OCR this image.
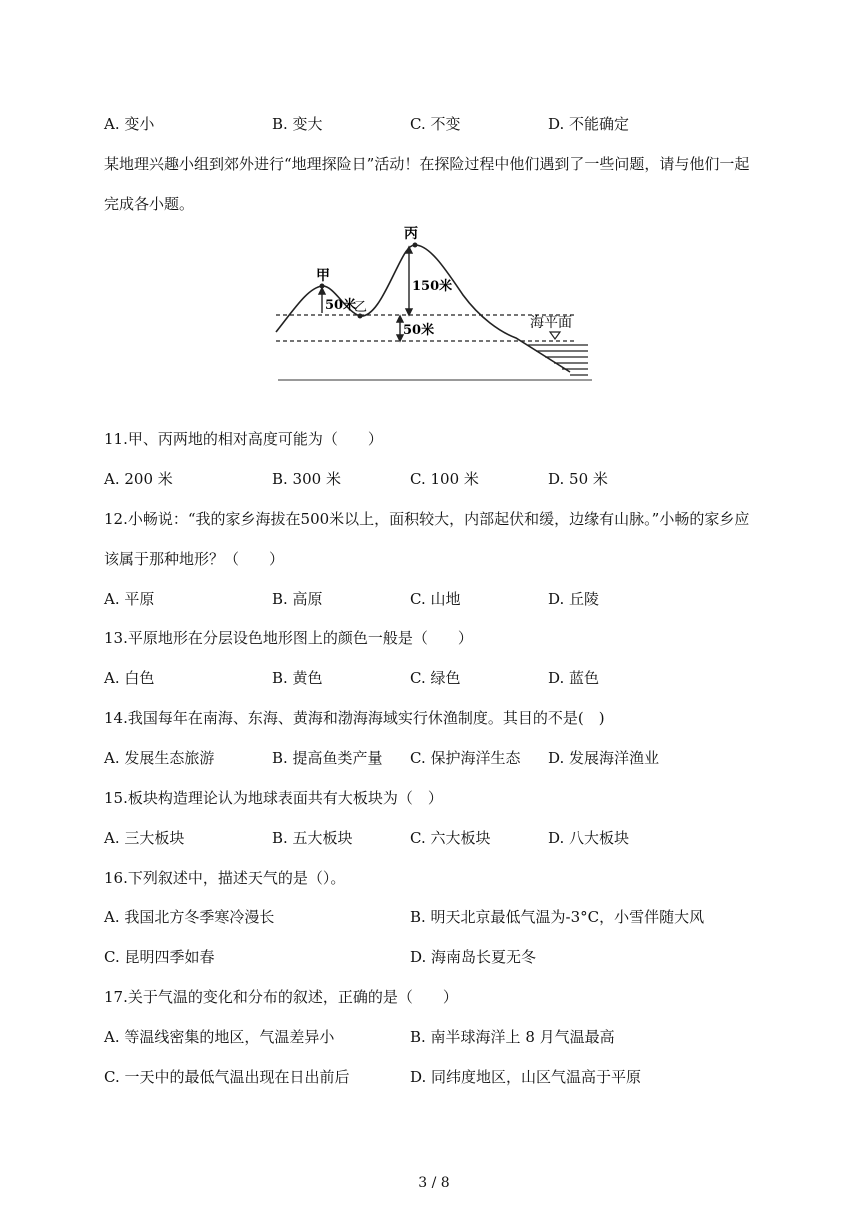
A. 变小	B. 变大	C. 不变	D. 不能确定
某地理兴趣小组到郊外进行“地理探险日”活动！在探险过程中他们遇到了一些问题，请与他们一起
完成各小题。
甲
丙
乙
50米
150米
50米	海平面
11.甲、丙两地的相对高度可能为（　　）
A. 200 米	B. 300 米	C. 100 米	D. 50 米
12.小畅说：“我的家乡海拔在500米以上，面积较大，内部起伏和缓，边缘有山脉。”小畅的家乡应
该属于那种地形？（　　）
A. 平原	B. 高原	C. 山地	D. 丘陵
13.平原地形在分层设色地形图上的颜色一般是（　　）
A. 白色	B. 黄色	C. 绿色	D. 蓝色
14.我国每年在南海、东海、黄海和渤海海域实行休渔制度。其目的不是(　)
A. 发展生态旅游	B. 提高鱼类产量 C. 保护海洋生态 D. 发展海洋渔业
15.板块构造理论认为地球表面共有大板块为（　）
A. 三大板块	B. 五大板块	C. 六大板块	D. 八大板块
16.下列叙述中，描述天气的是（）。
A. 我国北方冬季寒冷漫长	B. 明天北京最低气温为-3°C，小雪伴随大风
C. 昆明四季如春	D. 海南岛长夏无冬
17.关于气温的变化和分布的叙述，正确的是（　　）
A. 等温线密集的地区，气温差异小	B. 南半球海洋上 8 月气温最高
C. 一天中的最低气温出现在日出前后	D. 同纬度地区，山区气温高于平原
3 / 8
